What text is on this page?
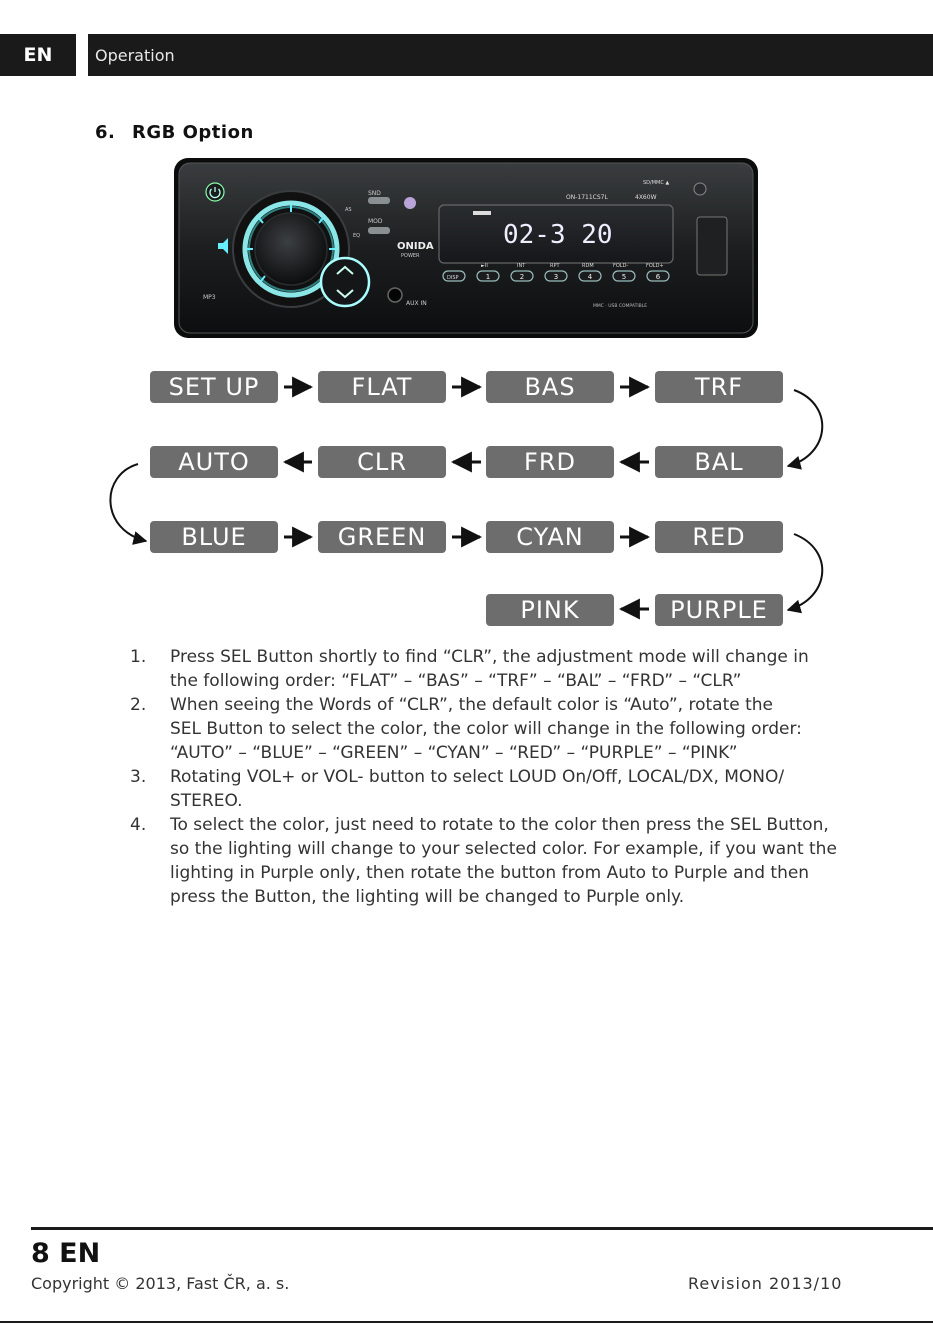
EN	Operation
6. RGB Option
SND
MOD
AS
EQ
ONIDA
POWER
AUX IN
ON-1711CS7L	4X60W
SD/MMC ▲
02-3 20
►II	INT	RPT	RDM	FOLD-	FOLD+
DISP	1	2	3	4	5	6
MP3
MMC · USB COMPATIBLE
SET UP	FLAT	BAS	TRF
AUTO	CLR	FRD	BAL
BLUE	GREEN	CYAN	RED
PINK	PURPLE
1.	Press SEL Button shortly to find “CLR”, the adjustment mode will change in
the following order: “FLAT” – “BAS” – “TRF” – “BAL” – “FRD” – “CLR”
2.	When seeing the Words of “CLR”, the default color is “Auto”, rotate the
SEL Button to select the color, the color will change in the following order:
“AUTO” – “BLUE” – “GREEN” – “CYAN” – “RED” – “PURPLE” – “PINK”
3.	Rotating VOL+ or VOL- button to select LOUD On/Off, LOCAL/DX, MONO/
STEREO.
4.	To select the color, just need to rotate to the color then press the SEL Button,
so the lighting will change to your selected color. For example, if you want the
lighting in Purple only, then rotate the button from Auto to Purple and then
press the Button, the lighting will be changed to Purple only.
8 EN
Copyright © 2013, Fast ČR, a. s.	Revision 2013/10
